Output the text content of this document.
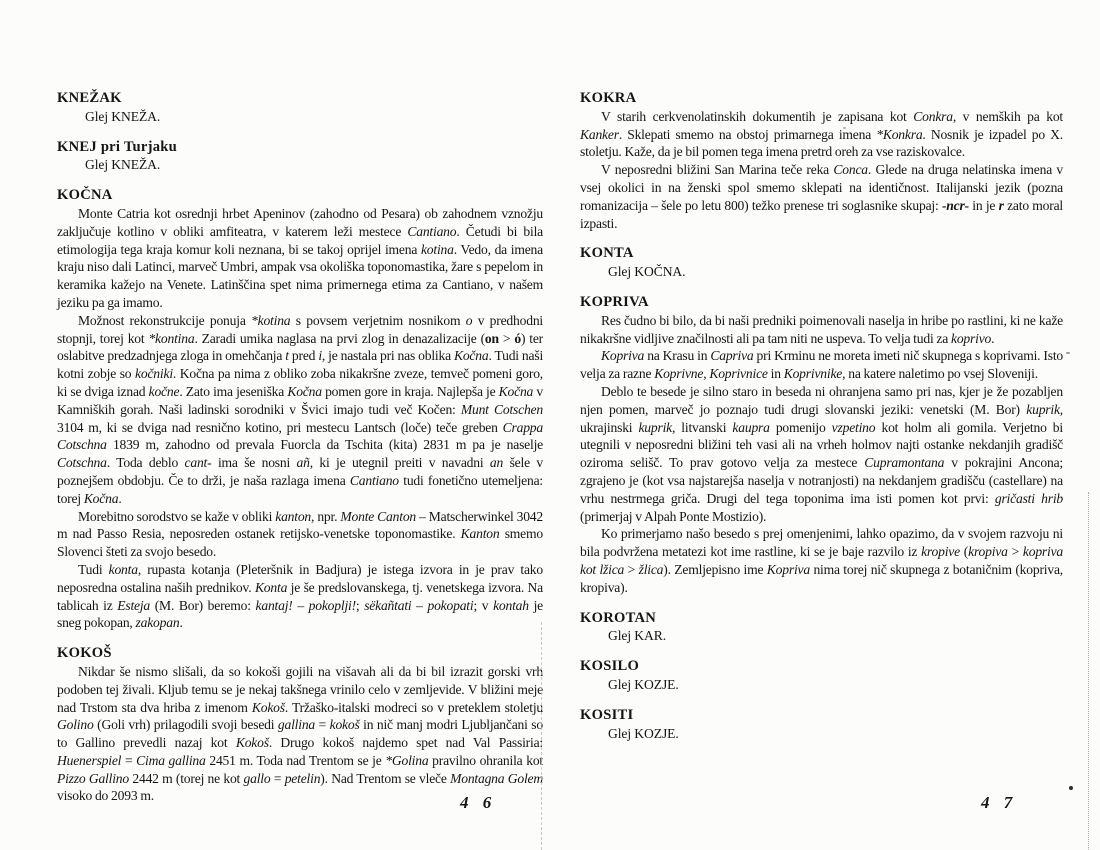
KNEŽAK

Glej KNEŽA.

KNEJ pri Turjaku

Glej KNEŽA.

KOČNA

Monte Catria kot osrednji hrbet Apeninov (zahodno od Pesara) ob zahodnem vznožju zaključuje kotlino v obliki amfiteatra, v katerem leži mestece Cantiano. Četudi bi bila etimologija tega kraja komur koli neznana, bi se takoj oprijel imena kotina. Vedo, da imena kraju niso dali Latinci, marveč Umbri, ampak vsa okoliška toponomastika, žare s pepelom in keramika kažejo na Venete. Latinščina spet nima primernega etima za Cantiano, v našem jeziku pa ga imamo.

Možnost rekonstrukcije ponuja *kotina s povsem verjetnim nosnikom o v predhodni stopnji, torej kot *kontina. Zaradi umika naglasa na prvi zlog in denazalizacije (on > ó) ter oslabitve predzadnjega zloga in omehčanja t pred i, je nastala pri nas oblika Kočna. Tudi naši kotni zobje so kočniki. Kočna pa nima z obliko zoba nikakršne zveze, temveč pomeni goro, ki se dviga iznad kočne. Zato ima jeseniška Kočna pomen gore in kraja. Najlepša je Kočna v Kamniških gorah. Naši ladinski sorodniki v Švici imajo tudi več Kočen: Munt Cotschen 3104 m, ki se dviga nad resnično kotino, pri mestecu Lantsch (loče) teče greben Crappa Cotschna 1839 m, zahodno od prevala Fuorcla da Tschita (kita) 2831 m pa je naselje Cotschna. Toda deblo cant- ima še nosni añ, ki je utegnil preiti v navadni an šele v poznejšem obdobju. Če to drži, je naša razlaga imena Cantiano tudi fonetično utemeljena: torej Kočna.

Morebitno sorodstvo se kaže v obliki kanton, npr. Monte Canton – Matscherwinkel 3042 m nad Passo Resia, neposreden ostanek retijsko-venetske toponomastike. Kanton smemo Slovenci šteti za svojo besedo.

Tudi konta, rupasta kotanja (Pleteršnik in Badjura) je istega izvora in je prav tako neposredna ostalina naših prednikov. Konta je še predslovanskega, tj. venetskega izvora. Na tablicah iz Esteja (M. Bor) beremo: kantaj! – pokoplji!; sëkañtati – pokopati; v kontah je sneg pokopan, zakopan.

KOKOŠ

Nikdar še nismo slišali, da so kokoši gojili na višavah ali da bi bil izrazit gorski vrh podoben tej živali. Kljub temu se je nekaj takšnega vrinilo celo v zemljevide. V bližini meje nad Trstom sta dva hriba z imenom Kokoš. Tržaško-italski modreci so v preteklem stoletju Golino (Goli vrh) prilagodili svoji besedi gallina = kokoš in nič manj modri Ljubljančani so to Gallino prevedli nazaj kot Kokoš. Drugo kokoš najdemo spet nad Val Passiria: Huenerspiel = Cima gallina 2451 m. Toda nad Trentom se je *Golina pravilno ohranila kot Pizzo Gallino 2442 m (torej ne kot gallo = petelin). Nad Trentom se vleče Montagna Golem visoko do 2093 m.

KOKRA

V starih cerkvenolatinskih dokumentih je zapisana kot Conkra, v nemških pa kot Kanker. Sklepati smemo na obstoj primarnega imena *Konkra. Nosnik je izpadel po X. stoletju. Kaže, da je bil pomen tega imena pretrd oreh za vse raziskovalce.

V neposredni bližini San Marina teče reka Conca. Glede na druga nelatinska imena v vsej okolici in na ženski spol smemo sklepati na identičnost. Italijanski jezik (pozna romanizacija – šele po letu 800) težko prenese tri soglasnike skupaj: -ncr- in je r zato moral izpasti.

KONTA

Glej KOČNA.

KOPRIVA

Res čudno bi bilo, da bi naši predniki poimenovali naselja in hribe po rastlini, ki ne kaže nikakršne vidljive značilnosti ali pa tam niti ne uspeva. To velja tudi za koprivo.

Kopriva na Krasu in Capriva pri Krminu ne moreta imeti nič skupnega s koprivami. Isto velja za razne Koprivne, Koprivnice in Koprivnike, na katere naletimo po vsej Sloveniji.

Deblo te besede je silno staro in beseda ni ohranjena samo pri nas, kjer je že pozabljen njen pomen, marveč jo poznajo tudi drugi slovanski jeziki: venetski (M. Bor) kuprik, ukrajinski kuprik, litvanski kaupra pomenijo vzpetino kot holm ali gomila. Verjetno bi utegnili v neposredni bližini teh vasi ali na vrheh holmov najti ostanke nekdanjih gradišč oziroma selišč. To prav gotovo velja za mestece Cupramontana v pokrajini Ancona; zgrajeno je (kot vsa najstarejša naselja v notranjosti) na nekdanjem gradišču (castellare) na vrhu nestrmega griča. Drugi del tega toponima ima isti pomen kot prvi: gričasti hrib (primerjaj v Alpah Ponte Mostizio).

Ko primerjamo našo besedo s prej omenjenimi, lahko opazimo, da v svojem razvoju ni bila podvržena metatezi kot ime rastline, ki se je baje razvilo iz kropive (kropiva > kopriva kot lžica > žlica). Zemljepisno ime Kopriva nima torej nič skupnega z botaničnim (kopriva, kropiva).

KOROTAN

Glej KAR.

KOSILO

Glej KOZJE.

KOSITI

Glej KOZJE.

4 6	4 7
